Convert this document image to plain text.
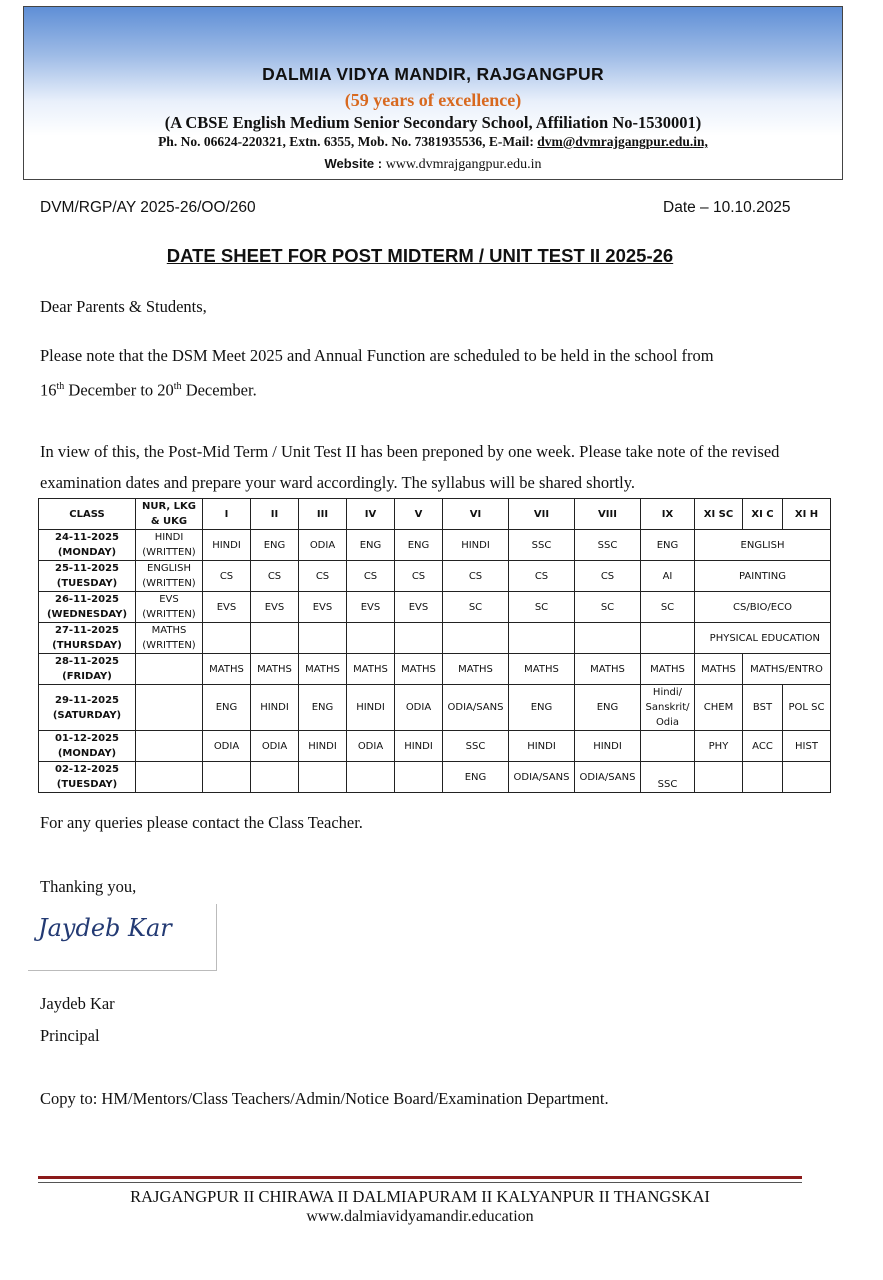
DALMIA VIDYA MANDIR, RAJGANGPUR
(59 years of excellence)
(A CBSE English Medium Senior Secondary School, Affiliation No-1530001)
Ph. No. 06624-220321, Extn. 6355, Mob. No. 7381935536, E-Mail: dvm@dvmrajgangpur.edu.in,
Website : www.dvmrajgangpur.edu.in
DVM/RGP/AY 2025-26/OO/260	Date – 10.10.2025
DATE SHEET FOR POST MIDTERM / UNIT TEST II 2025-26
Dear Parents & Students,
Please note that the DSM Meet 2025 and Annual Function are scheduled to be held in the school from
16th December to 20th December.
In view of this, the Post-Mid Term / Unit Test II has been preponed by one week. Please take note of the revised examination dates and prepare your ward accordingly. The syllabus will be shared shortly.
CLASS	NUR, LKG & UKG	I	II	III	IV	V	VI	VII	VIII	IX	XI SC	XI C	XI H
24-11-2025
(MONDAY)	HINDI (WRITTEN)	HINDI	ENG	ODIA	ENG	ENG	HINDI	SSC	SSC	ENG	ENGLISH		
25-11-2025
(TUESDAY)	ENGLISH (WRITTEN)	CS	CS	CS	CS	CS	CS	CS	CS	AI	PAINTING		
26-11-2025
(WEDNESDAY)	EVS (WRITTEN)	EVS	EVS	EVS	EVS	EVS	SC	SC	SC	SC	CS/BIO/ECO		
27-11-2025
(THURSDAY)	MATHS (WRITTEN)										PHYSICAL EDUCATION		
28-11-2025
(FRIDAY)		MATHS	MATHS	MATHS	MATHS	MATHS	MATHS	MATHS	MATHS	MATHS	MATHS	MATHS/ENTRO	
29-11-2025
(SATURDAY)		ENG	HINDI	ENG	HINDI	ODIA	ODIA/SANS	ENG	ENG	Hindi/ Sanskrit/ Odia	CHEM	BST	POL SC
01-12-2025
(MONDAY)		ODIA	ODIA	HINDI	ODIA	HINDI	SSC	HINDI	HINDI		PHY	ACC	HIST
02-12-2025
(TUESDAY)							ENG	ODIA/SANS	ODIA/SANS	SSC			
For any queries please contact the Class Teacher.
Thanking you,
Jaydeb Kar
Jaydeb Kar
Principal
Copy to: HM/Mentors/Class Teachers/Admin/Notice Board/Examination Department.
RAJGANGPUR II CHIRAWA II DALMIAPURAM II KALYANPUR II THANGSKAI
www.dalmiavidyamandir.education
